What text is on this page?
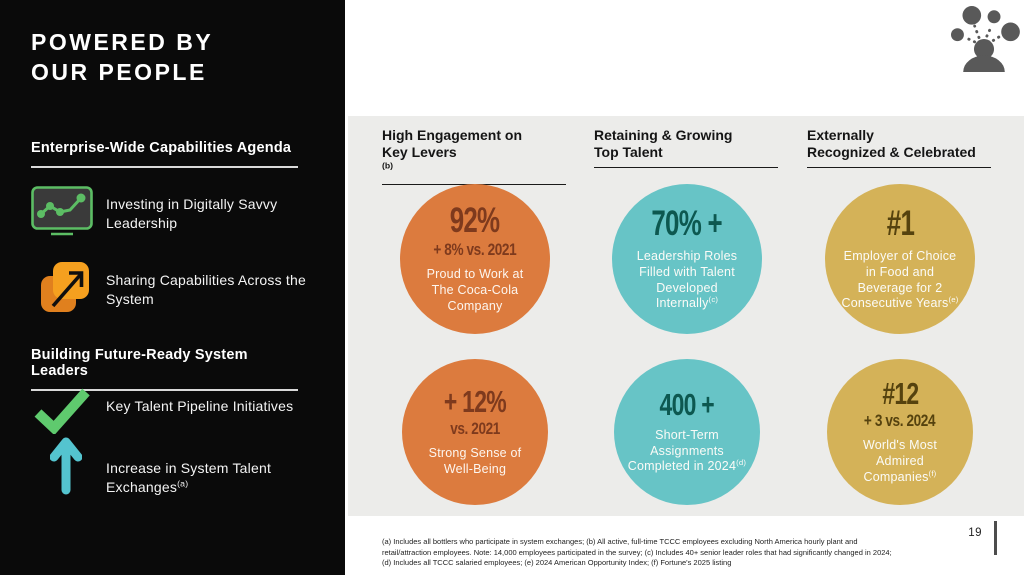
POWERED BY
OUR PEOPLE
Enterprise-Wide Capabilities Agenda
Investing in Digitally Savvy Leadership
Sharing Capabilities Across the System
Building Future-Ready System Leaders
Key Talent Pipeline Initiatives
Increase in System Talent Exchanges$^{(a)}$
High Engagement on
Key Levers
$^{(b)}$
Retaining & Growing
Top Talent
Externally
Recognized & Celebrated
92%
+ 8% vs. 2021
Proud to Work at The Coca-Cola Company
+ 12%
vs. 2021
Strong Sense of Well-Being
70% +
Leadership Roles Filled with Talent Developed Internally$^{(c)}$
400 +
Short-Term Assignments Completed in 2024$^{(d)}$
#1
Employer of Choice in Food and Beverage for 2 Consecutive Years$^{(e)}$
#12
+ 3 vs. 2024
World's Most Admired Companies$^{(f)}$
(a) Includes all bottlers who participate in system exchanges; (b) All active, full-time TCCC employees excluding North America hourly plant and retail/attraction employees. Note: 14,000 employees participated in the survey; (c) Includes 40+ senior leader roles that had significantly changed in 2024; (d) Includes all TCCC salaried employees; (e) 2024 American Opportunity Index; (f) Fortune's 2025 listing
19
